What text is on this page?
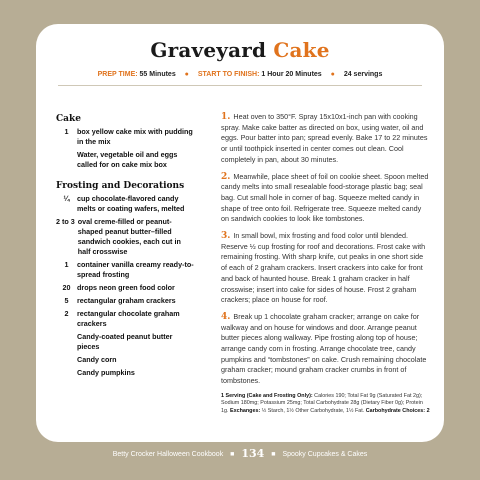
Graveyard Cake
PREP TIME: 55 Minutes ● START TO FINISH: 1 Hour 20 Minutes ● 24 servings
Cake
1	box yellow cake mix with pudding in the mix
Water, vegetable oil and eggs called for on cake mix box
Frosting and Decorations
¼	cup chocolate-flavored candy melts or coating wafers, melted
2 to 3 oval creme-filled or peanut-shaped peanut butter–filled sandwich cookies, each cut in half crosswise
1	container vanilla creamy ready-to-spread frosting
20 drops neon green food color
5	rectangular graham crackers
2	rectangular chocolate graham crackers
Candy-coated peanut butter pieces
Candy corn
Candy pumpkins
1. Heat oven to 350°F. Spray 15x10x1-inch pan with cooking spray. Make cake batter as directed on box, using water, oil and eggs. Pour batter into pan; spread evenly. Bake 17 to 22 minutes or until toothpick inserted in center comes out clean. Cool completely in pan, about 30 minutes.
2. Meanwhile, place sheet of foil on cookie sheet. Spoon melted candy melts into small resealable food-storage plastic bag; seal bag. Cut small hole in corner of bag. Squeeze melted candy in shape of tree onto foil. Refrigerate tree. Squeeze melted candy on sandwich cookies to look like tombstones.
3. In small bowl, mix frosting and food color until blended. Reserve ½ cup frosting for roof and decorations. Frost cake with remaining frosting. With sharp knife, cut peaks in one short side of each of 2 graham crackers. Insert crackers into cake for front and back of haunted house. Break 1 graham cracker in half crosswise; insert into cake for sides of house. Frost 2 graham crackers; place on house for roof.
4. Break up 1 chocolate graham cracker; arrange on cake for walkway and on house for windows and door. Arrange peanut butter pieces along walkway. Pipe frosting along top of house; arrange candy corn in frosting. Arrange chocolate tree, candy pumpkins and “tombstones” on cake. Crush remaining chocolate graham cracker; mound graham cracker crumbs in front of tombstones.
1 Serving (Cake and Frosting Only): Calories 190; Total Fat 9g (Saturated Fat 2g); Sodium 180mg; Potassium 25mg; Total Carbohydrate 28g (Dietary Fiber 0g); Protein 1g. Exchanges: ½ Starch, 1½ Other Carbohydrate, 1½ Fat. Carbohydrate Choices: 2
Betty Crocker Halloween Cookbook ■ 134 ■ Spooky Cupcakes & Cakes
